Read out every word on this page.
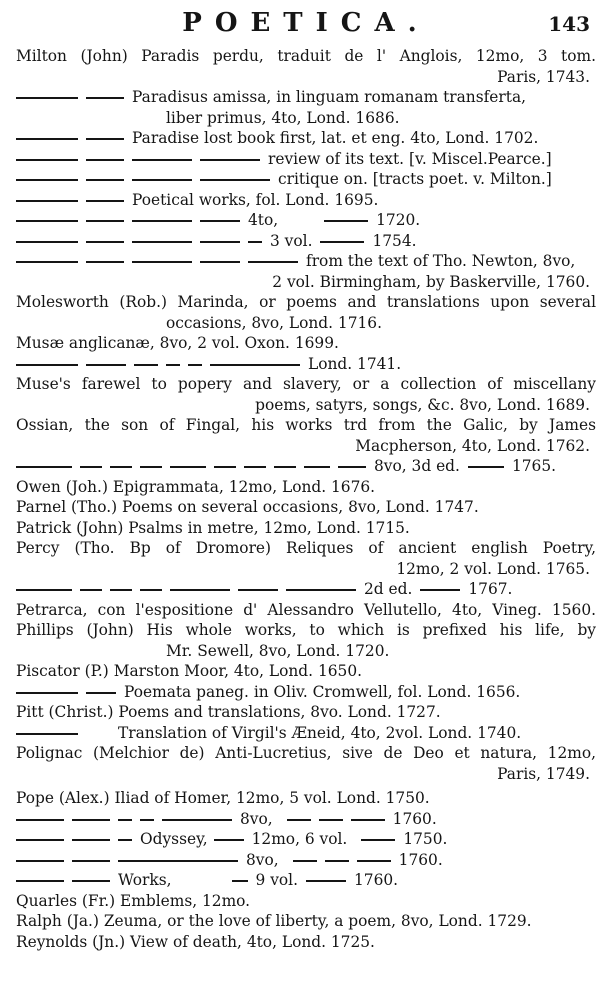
POETICA.	143
Milton (John) Paradis perdu, traduit de l' Anglois, 12mo, 3 tom.
Paris, 1743.
Paradisus amissa, in linguam romanam transferta,
liber primus, 4to, Lond. 1686.
Paradise lost book first, lat. et eng. 4to, Lond. 1702.
review of its text. [v. Miscel.Pearce.]
critique on. [tracts poet. v. Milton.]
Poetical works, fol. Lond. 1695.
4to,	1720.
3 vol.	1754.
from the text of Tho. Newton, 8vo,
2 vol. Birmingham, by Baskerville, 1760.
Molesworth (Rob.) Marinda, or poems and translations upon several
occasions, 8vo, Lond. 1716.
Musæ anglicanæ, 8vo, 2 vol. Oxon. 1699.
Lond. 1741.
Muse's farewel to popery and slavery, or a collection of miscellany
poems, satyrs, songs, &c. 8vo, Lond. 1689.
Ossian, the son of Fingal, his works trd from the Galic, by James
Macpherson, 4to, Lond. 1762.
8vo, 3d ed.	1765.
Owen (Joh.) Epigrammata, 12mo, Lond. 1676.
Parnel (Tho.) Poems on several occasions, 8vo, Lond. 1747.
Patrick (John) Psalms in metre, 12mo, Lond. 1715.
Percy (Tho. Bp of Dromore) Reliques of ancient english Poetry,
12mo, 2 vol. Lond. 1765.
2d ed.	1767.
Petrarca, con l'espositione d' Alessandro Vellutello, 4to, Vineg. 1560.
Phillips (John) His whole works, to which is prefixed his life, by
Mr. Sewell, 8vo, Lond. 1720.
Piscator (P.) Marston Moor, 4to, Lond. 1650.
Poemata paneg. in Oliv. Cromwell, fol. Lond. 1656.
Pitt (Christ.) Poems and translations, 8vo. Lond. 1727.
Translation of Virgil's Æneid, 4to, 2vol. Lond. 1740.
Polignac (Melchior de) Anti-Lucretius, sive de Deo et natura, 12mo,
Paris, 1749.
Pope (Alex.) Iliad of Homer, 12mo, 5 vol. Lond. 1750.
8vo,	1760.
Odyssey,	12mo, 6 vol.	1750.
8vo,	1760.
Works,	9 vol.	1760.
Quarles (Fr.) Emblems, 12mo.
Ralph (Ja.) Zeuma, or the love of liberty, a poem, 8vo, Lond. 1729.
Reynolds (Jn.) View of death, 4to, Lond. 1725.
